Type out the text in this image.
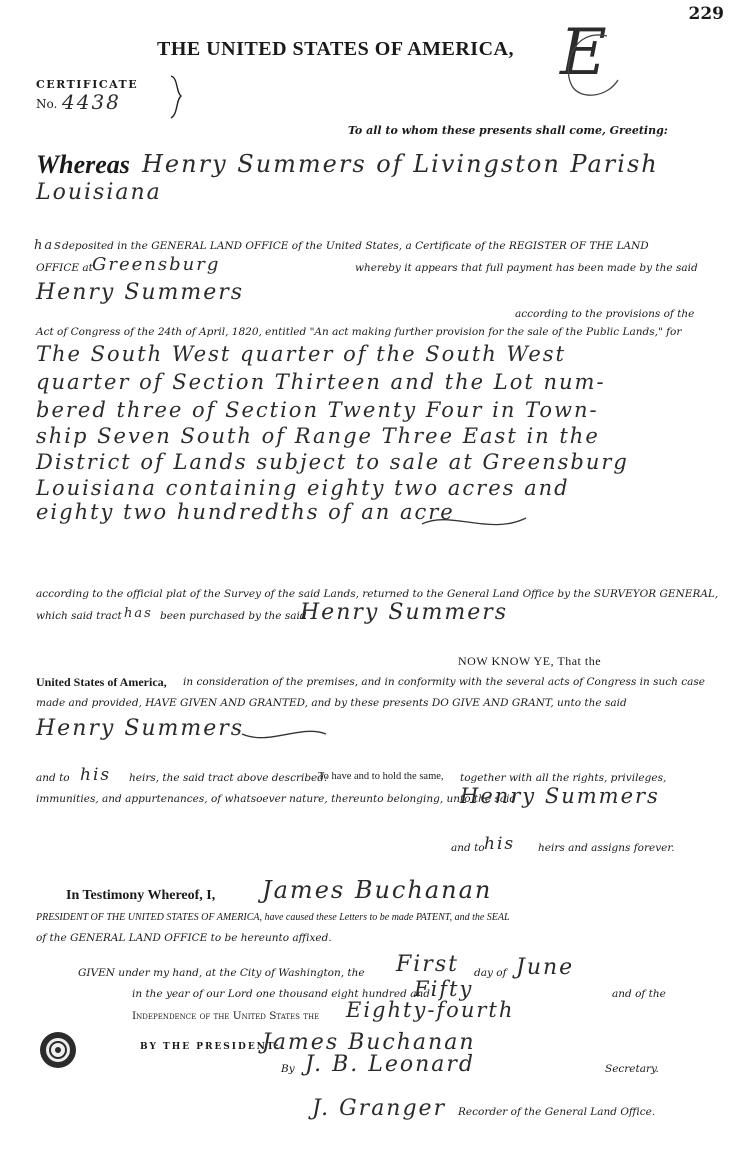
229
THE UNITED STATES OF AMERICA, E
CERTIFICATE
No. 4438
To all to whom these presents shall come, Greeting:
Whereas Henry Summers of Livingston Parish
Louisiana
has deposited in the GENERAL LAND OFFICE of the United States, a Certificate of the REGISTER OF THE LAND
OFFICE at Greensburg	whereby it appears that full payment has been made by the said
Henry Summers
according to the provisions of the
Act of Congress of the 24th of April, 1820, entitled "An act making further provision for the sale of the Public Lands," for
The South West quarter of the South West
quarter of Section Thirteen and the Lot num-
bered three of Section Twenty Four in Town-
ship Seven South of Range Three East in the
District of Lands subject to sale at Greensburg
Louisiana containing eighty two acres and
eighty two hundredths of an acre
according to the official plat of the Survey of the said Lands, returned to the General Land Office by the SURVEYOR GENERAL,
which said tract has been purchased by the said
Henry Summers
NOW KNOW YE, That the
United States of America, in consideration of the premises, and in conformity with the several acts of Congress in such case
made and provided, HAVE GIVEN AND GRANTED, and by these presents DO GIVE AND GRANT, unto the said
Henry Summers
and to his heirs, the said tract above described:
To have and to hold the same, together with all the rights, privileges,
immunities, and appurtenances, of whatsoever nature, thereunto belonging, unto the said
Henry Summers
and to his heirs and assigns forever.
In Testimony Whereof, I, James Buchanan
PRESIDENT OF THE UNITED STATES OF AMERICA, have caused these Letters to be made PATENT, and the SEAL
of the GENERAL LAND OFFICE to be hereunto affixed.
GIVEN under my hand, at the City of Washington, the First day of June
in the year of our Lord one thousand eight hundred and
Fifty	and of the
Independence of the United States the Eighty-fourth
BY THE PRESIDENT:
James Buchanan
By J. B. Leonard	Secretary.
J. Granger Recorder of the General Land Office.
